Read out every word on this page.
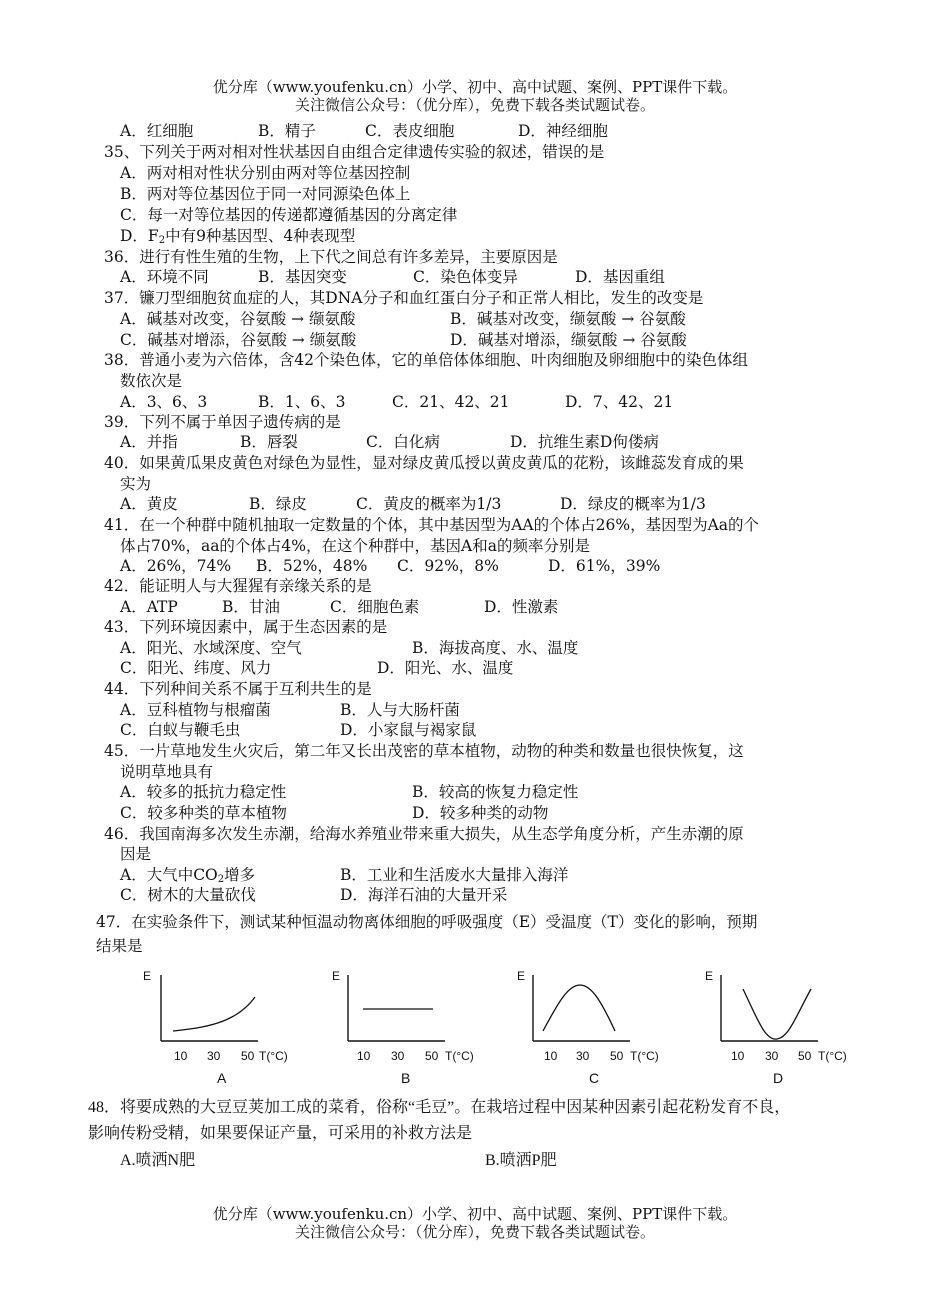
优分库（www.youfenku.cn）小学、初中、高中试题、案例、PPT课件下载。
关注微信公众号：（优分库），免费下载各类试题试卷。
A．红细胞	B．精子	C．表皮细胞	D．神经细胞
35、下列关于两对相对性状基因自由组合定律遗传实验的叙述，错误的是
A．两对相对性状分别由两对等位基因控制
B．两对等位基因位于同一对同源染色体上
C．每一对等位基因的传递都遵循基因的分离定律
D．$F_2$中有9种基因型、4种表现型
36．进行有性生殖的生物，上下代之间总有许多差异，主要原因是
A．环境不同	B．基因突变	C．染色体变异	D．基因重组
37．镰刀型细胞贫血症的人，其DNA分子和血红蛋白分子和正常人相比，发生的改变是
A．碱基对改变，谷氨酸 → 缬氨酸	B．碱基对改变，缬氨酸 → 谷氨酸
C．碱基对增添，谷氨酸 → 缬氨酸	D．碱基对增添，缬氨酸 → 谷氨酸
38．普通小麦为六倍体，含42个染色体，它的单倍体体细胞、叶肉细胞及卵细胞中的染色体组
数依次是
A．3、6、3	B．1、6、3	C．21、42、21	D．7、42、21
39．下列不属于单因子遗传病的是
A．并指	B．唇裂	C．白化病	D．抗维生素D佝偻病
40．如果黄瓜果皮黄色对绿色为显性，显对绿皮黄瓜授以黄皮黄瓜的花粉，该雌蕊发育成的果
实为
A．黄皮	B．绿皮	C．黄皮的概率为1/3	D．绿皮的概率为1/3
41．在一个种群中随机抽取一定数量的个体，其中基因型为AA的个体占26%，基因型为Aa的个
体占70%，aa的个体占4%，在这个种群中，基因A和a的频率分别是
A．26%，74% B．52%，48% C．92%，8%	D．61%，39%
42．能证明人与大猩猩有亲缘关系的是
A．ATP	B．甘油	C．细胞色素	D．性激素
43．下列环境因素中，属于生态因素的是
A．阳光、水域深度、空气	B．海拔高度、水、温度
C．阳光、纬度、风力	D．阳光、水、温度
44．下列种间关系不属于互利共生的是
A．豆科植物与根瘤菌	B．人与大肠杆菌
C．白蚁与鞭毛虫	D．小家鼠与褐家鼠
45．一片草地发生火灾后，第二年又长出茂密的草本植物，动物的种类和数量也很快恢复，这
说明草地具有
A．较多的抵抗力稳定性	B．较高的恢复力稳定性
C．较多种类的草本植物	D．较多种类的动物
46．我国南海多次发生赤潮，给海水养殖业带来重大损失，从生态学角度分析，产生赤潮的原
因是
A．大气中$CO_2$增多	B．工业和生活废水大量排入海洋
C．树木的大量砍伐	D．海洋石油的大量开采
47．在实验条件下，测试某种恒温动物离体细胞的呼吸强度（E）受温度（T）变化的影响，预期
结果是
E
10 30 50 T(°C)
A
E
10 30 50 T(°C)
B
E
10 30 50 T(°C)
C
E
10 30 50 T(°C)
D
48．将要成熟的大豆豆荚加工成的菜肴，俗称“毛豆”。在栽培过程中因某种因素引起花粉发育不良，
影响传粉受精，如果要保证产量，可采用的补救方法是
A.喷洒N肥	B.喷洒P肥
优分库（www.youfenku.cn）小学、初中、高中试题、案例、PPT课件下载。
关注微信公众号：（优分库），免费下载各类试题试卷。
